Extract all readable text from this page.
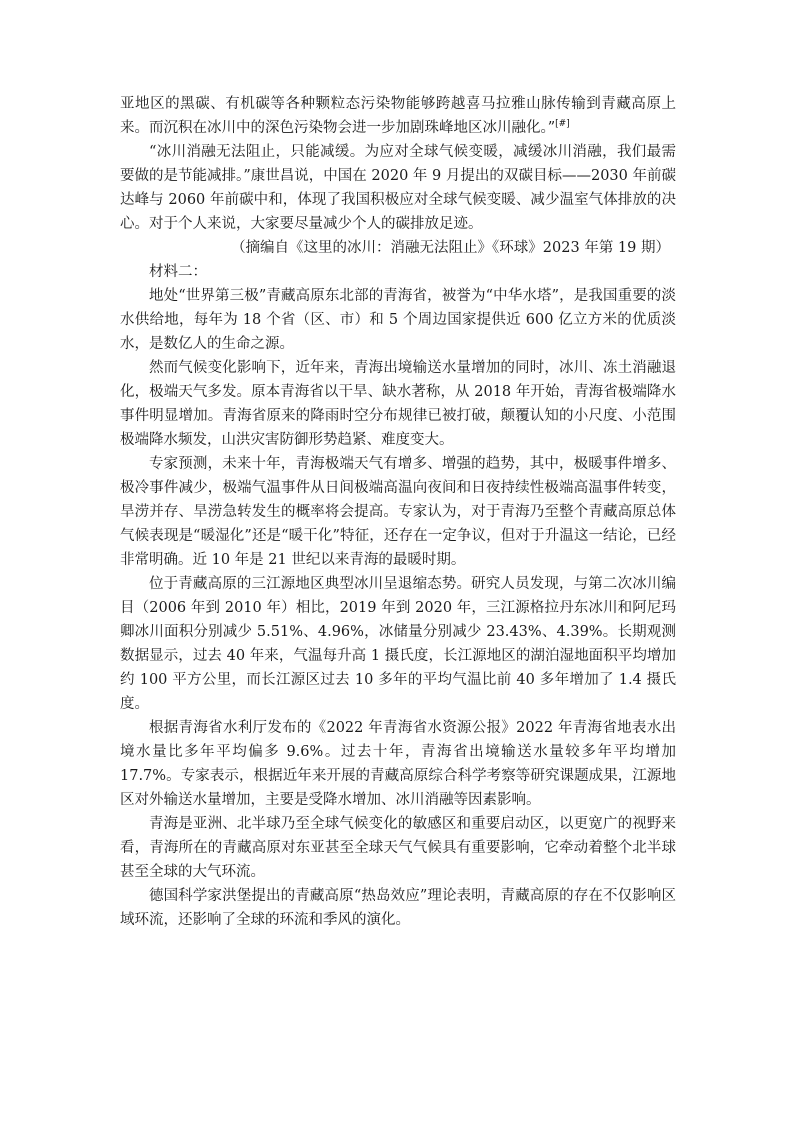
亚地区的黑碳、有机碳等各种颗粒态污染物能够跨越喜马拉雅山脉传输到青藏高原上来。而沉积在冰川中的深色污染物会进一步加剧珠峰地区冰川融化。”[#]

“冰川消融无法阻止，只能减缓。为应对全球气候变暖，减缓冰川消融，我们最需要做的是节能减排。”康世昌说，中国在 2020 年 9 月提出的双碳目标——2030 年前碳达峰与 2060 年前碳中和，体现了我国积极应对全球气候变暖、减少温室气体排放的决心。对于个人来说，大家要尽量减少个人的碳排放足迹。

（摘编自《这里的冰川：消融无法阻止》《环球》2023 年第 19 期）

材料二：

地处“世界第三极”青藏高原东北部的青海省，被誉为“中华水塔”，是我国重要的淡水供给地，每年为 18 个省（区、市）和 5 个周边国家提供近 600 亿立方米的优质淡水，是数亿人的生命之源。

然而气候变化影响下，近年来，青海出境输送水量增加的同时，冰川、冻土消融退化，极端天气多发。原本青海省以干旱、缺水著称，从 2018 年开始，青海省极端降水事件明显增加。青海省原来的降雨时空分布规律已被打破，颠覆认知的小尺度、小范围极端降水频发，山洪灾害防御形势趋紧、难度变大。

专家预测，未来十年，青海极端天气有增多、增强的趋势，其中，极暖事件增多、极冷事件减少，极端气温事件从日间极端高温向夜间和日夜持续性极端高温事件转变，旱涝并存、旱涝急转发生的概率将会提高。专家认为，对于青海乃至整个青藏高原总体气候表现是“暖湿化”还是“暖干化”特征，还存在一定争议，但对于升温这一结论，已经非常明确。近 10 年是 21 世纪以来青海的最暖时期。

位于青藏高原的三江源地区典型冰川呈退缩态势。研究人员发现，与第二次冰川编目（2006 年到 2010 年）相比，2019 年到 2020 年，三江源格拉丹东冰川和阿尼玛卿冰川面积分别减少 5.51%、4.96%，冰储量分别减少 23.43%、4.39%。长期观测数据显示，过去 40 年来，气温每升高 1 摄氏度，长江源地区的湖泊湿地面积平均增加约 100 平方公里，而长江源区过去 10 多年的平均气温比前 40 多年增加了 1.4 摄氏度。

根据青海省水利厅发布的《2022 年青海省水资源公报》2022 年青海省地表水出境水量比多年平均偏多 9.6%。过去十年，青海省出境输送水量较多年平均增加 17.7%。专家表示，根据近年来开展的青藏高原综合科学考察等研究课题成果，江源地区对外输送水量增加，主要是受降水增加、冰川消融等因素影响。

青海是亚洲、北半球乃至全球气候变化的敏感区和重要启动区，以更宽广的视野来看，青海所在的青藏高原对东亚甚至全球天气气候具有重要影响，它牵动着整个北半球甚至全球的大气环流。

德国科学家洪堡提出的青藏高原“热岛效应”理论表明，青藏高原的存在不仅影响区域环流，还影响了全球的环流和季风的演化。
